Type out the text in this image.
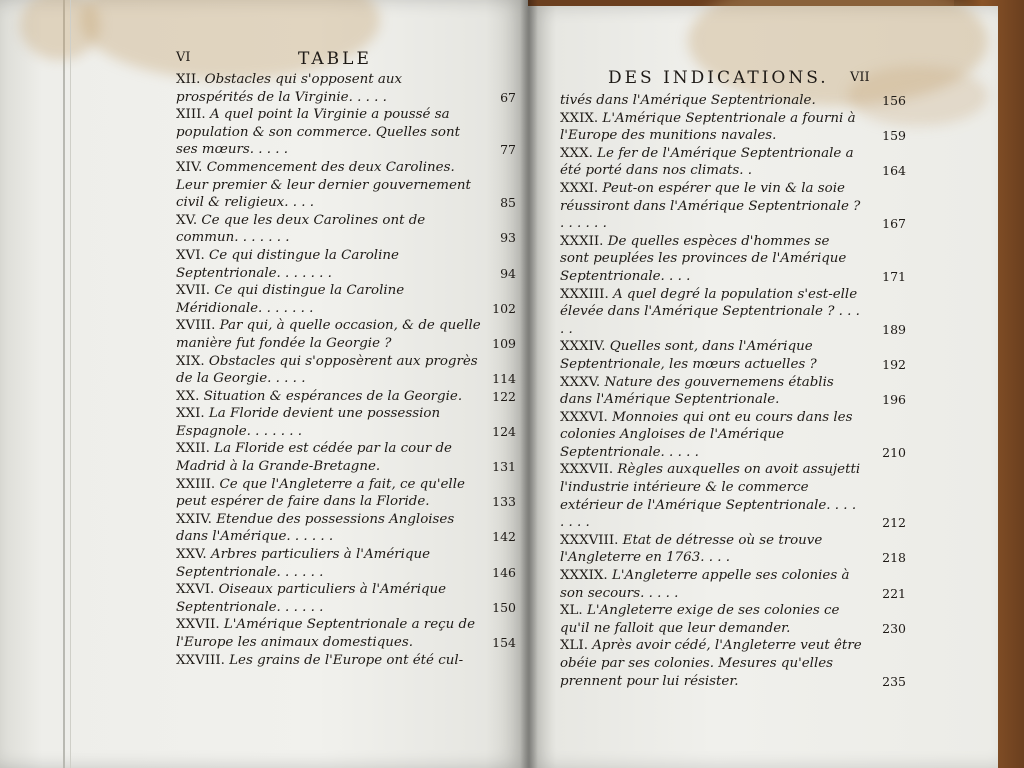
VI	TABLE
XII. Obstacles qui s'opposent aux prospérités de la Virginie. . . . .	67
XIII. A quel point la Virginie a poussé sa population & son commerce. Quelles sont ses mœurs. . . . .	77
XIV. Commencement des deux Carolines. Leur premier & leur dernier gouvernement civil & religieux. . . .	85
XV. Ce que les deux Carolines ont de commun. . . . . . .	93
XVI. Ce qui distingue la Caroline Septentrionale. . . . . . .	94
XVII. Ce qui distingue la Caroline Méridionale. . . . . . .	102
XVIII. Par qui, à quelle occasion, & de quelle manière fut fondée la Georgie ?	109
XIX. Obstacles qui s'opposèrent aux progrès de la Georgie. . . . .	114
XX. Situation & espérances de la Georgie. 122
XXI. La Floride devient une possession Espagnole. . . . . . .	124
XXII. La Floride est cédée par la cour de Madrid à la Grande-Bretagne.	131
XXIII. Ce que l'Angleterre a fait, ce qu'elle peut espérer de faire dans la Floride.	133
XXIV. Etendue des possessions Angloises dans l'Amérique. . . . . .	142
XXV. Arbres particuliers à l'Amérique Septentrionale. . . . . .	146
XXVI. Oiseaux particuliers à l'Amérique Septentrionale. . . . . .	150
XXVII. L'Amérique Septentrionale a reçu de l'Europe les animaux domestiques.	154
XXVIII. Les grains de l'Europe ont été cul-
DES INDICATIONS. VII
tivés dans l'Amérique Septentrionale.	156
XXIX. L'Amérique Septentrionale a fourni à l'Europe des munitions navales.	159
XXX. Le fer de l'Amérique Septentrionale a été porté dans nos climats. .	164
XXXI. Peut-on espérer que le vin & la soie réussiront dans l'Amérique Septentrionale ? . . . . . .	167
XXXII. De quelles espèces d'hommes se sont peuplées les provinces de l'Amérique Septentrionale. . . .	171
XXXIII. A quel degré la population s'est-elle élevée dans l'Amérique Septentrionale ? . . . . .	189
XXXIV. Quelles sont, dans l'Amérique Septentrionale, les mœurs actuelles ?	192
XXXV. Nature des gouvernemens établis dans l'Amérique Septentrionale.	196
XXXVI. Monnoies qui ont eu cours dans les colonies Angloises de l'Amérique Septentrionale. . . . .	210
XXXVII. Règles auxquelles on avoit assujetti l'industrie intérieure & le commerce extérieur de l'Amérique Septentrionale. . . . . . . .	212
XXXVIII. Etat de détresse où se trouve l'Angleterre en 1763. . . .	218
XXXIX. L'Angleterre appelle ses colonies à son secours. . . . .	221
XL. L'Angleterre exige de ses colonies ce qu'il ne falloit que leur demander.	230
XLI. Après avoir cédé, l'Angleterre veut être obéie par ses colonies. Mesures qu'elles prennent pour lui résister.	235
